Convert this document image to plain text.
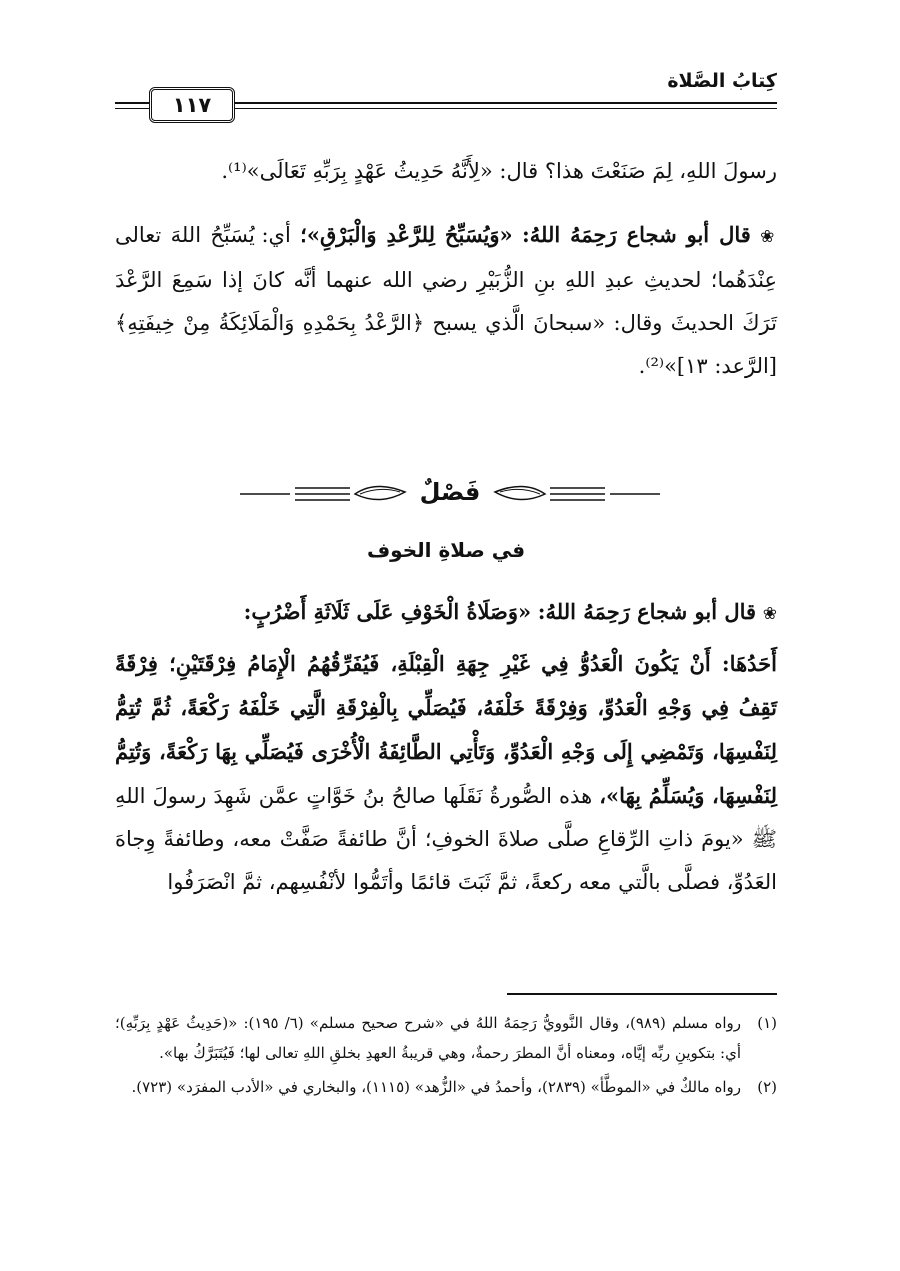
كِتابُ الصَّلاة
١١٧

رسولَ اللهِ، لِمَ صَنَعْتَ هذا؟ قال: «لِأَنَّهُ حَدِيثُ عَهْدٍ بِرَبِّهِ تَعَالَى»⁽¹⁾.

❀ قال أبو شجاع رَحِمَهُ اللهُ: «وَيُسَبِّحُ لِلرَّعْدِ وَالْبَرْقِ»؛ أي: يُسَبِّحُ اللهَ تعالى عِنْدَهُما؛ لحديثِ عبدِ اللهِ بنِ الزُّبَيْرِ رضي الله عنهما أنَّه كانَ إذا سَمِعَ الرَّعْدَ تَرَكَ الحديثَ وقال: «سبحانَ الَّذي يسبح ﴿الرَّعْدُ بِحَمْدِهِ وَالْمَلَائِكَةُ مِنْ خِيفَتِهِ﴾ [الرَّعد: ١٣]»⁽²⁾.

فَصْلٌ
في صلاةِ الخوف

❀ قال أبو شجاع رَحِمَهُ اللهُ: «وَصَلَاةُ الْخَوْفِ عَلَى ثَلَاثَةِ أَضْرُبٍ:

أَحَدُهَا: أَنْ يَكُونَ الْعَدُوُّ فِي غَيْرِ جِهَةِ الْقِبْلَةِ، فَيُفَرِّقُهُمُ الْإِمَامُ فِرْقَتَيْنِ؛ فِرْقَةً تَقِفُ فِي وَجْهِ الْعَدُوِّ، وَفِرْقَةً خَلْفَهُ، فَيُصَلِّي بِالْفِرْقَةِ الَّتِي خَلْفَهُ رَكْعَةً، ثُمَّ تُتِمُّ لِنَفْسِهَا، وَتَمْضِي إِلَى وَجْهِ الْعَدُوِّ، وَتَأْتِي الطَّائِفَةُ الْأُخْرَى فَيُصَلِّي بِهَا رَكْعَةً، وَتُتِمُّ لِنَفْسِهَا، وَيُسَلِّمُ بِهَا»، هذه الصُّورةُ نَقَلَها صالحُ بنُ خَوَّاتٍ عمَّن شَهِدَ رسولَ اللهِ ﷺ «يومَ ذاتِ الرِّقاعِ صلَّى صلاةَ الخوفِ؛ أنَّ طائفةً صَفَّتْ معه، وطائفةً وِجاهَ العَدُوِّ، فصلَّى بالَّتي معه ركعةً، ثمَّ ثَبَتَ قائمًا وأتَمُّوا لأنْفُسِهم، ثمَّ انْصَرَفُوا

(١)
رواه مسلم (٩٨٩)، وقال النَّوويُّ رَحِمَهُ اللهُ في «شرح صحيح مسلم» (٦/ ١٩٥): «(حَدِيثُ عَهْدٍ بِرَبِّهِ)؛ أي: بتكوينِ ربِّه إيَّاه، ومعناه أنَّ المطرَ رحمةٌ، وهي قريبةُ العهدِ بخلقِ اللهِ تعالى لها؛ فَيُتَبَرَّكُ بها».
(٢)
رواه مالكٌ في «الموطَّأ» (٢٨٣٩)، وأحمدُ في «الزُّهد» (١١١٥)، والبخاري في «الأدب المفرَد» (٧٢٣).
